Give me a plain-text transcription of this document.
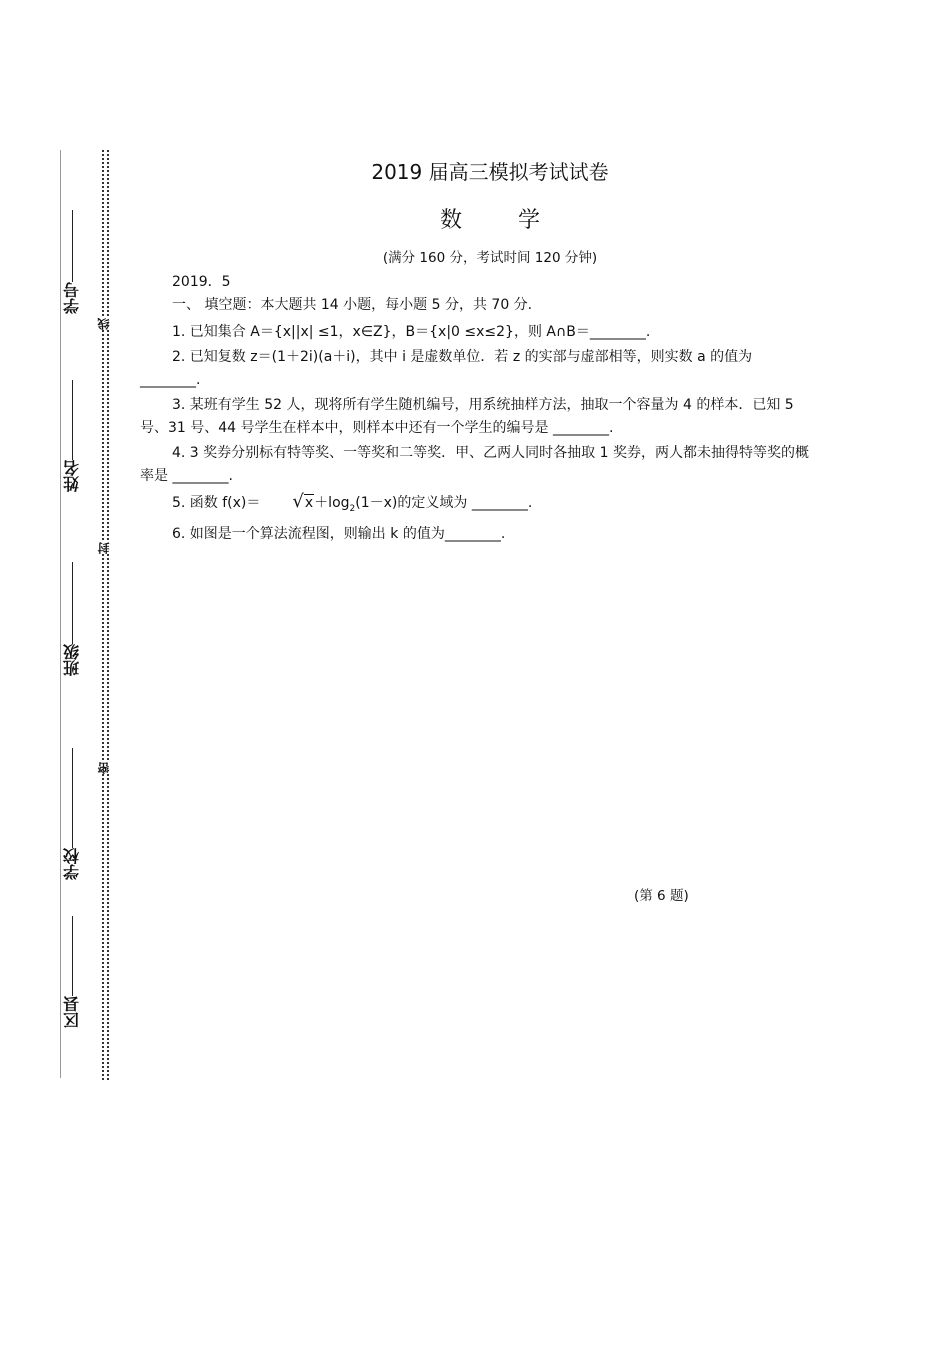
学号
姓名
班级
学校
区县
线
封
密
2019 届高三模拟考试试卷
数学
(满分 160 分，考试时间 120 分钟)

2019．5

一、 填空题：本大题共 14 小题，每小题 5 分，共 70 分.

1. 已知集合 A＝{x||x| ≤1，x∈Z}，B＝{x|0 ≤x≤2}，则 A∩B＝________.

2. 已知复数 z＝(1＋2i)(a＋i)，其中 i 是虚数单位．若 z 的实部与虚部相等，则实数 a 的值为________.

3. 某班有学生 52 人，现将所有学生随机编号，用系统抽样方法，抽取一个容量为 4 的样本．已知 5 号、31 号、44 号学生在样本中，则样本中还有一个学生的编号是 ________.

4. 3 奖券分别标有特等奖、一等奖和二等奖．甲、乙两人同时各抽取 1 奖券，两人都未抽得特等奖的概率是 ________.

5. 函数 $f(x)= √x+\log_2(1-x)$的定义域为 ________.

6. 如图是一个算法流程图，则输出 k 的值为________.

(第 6 题)
